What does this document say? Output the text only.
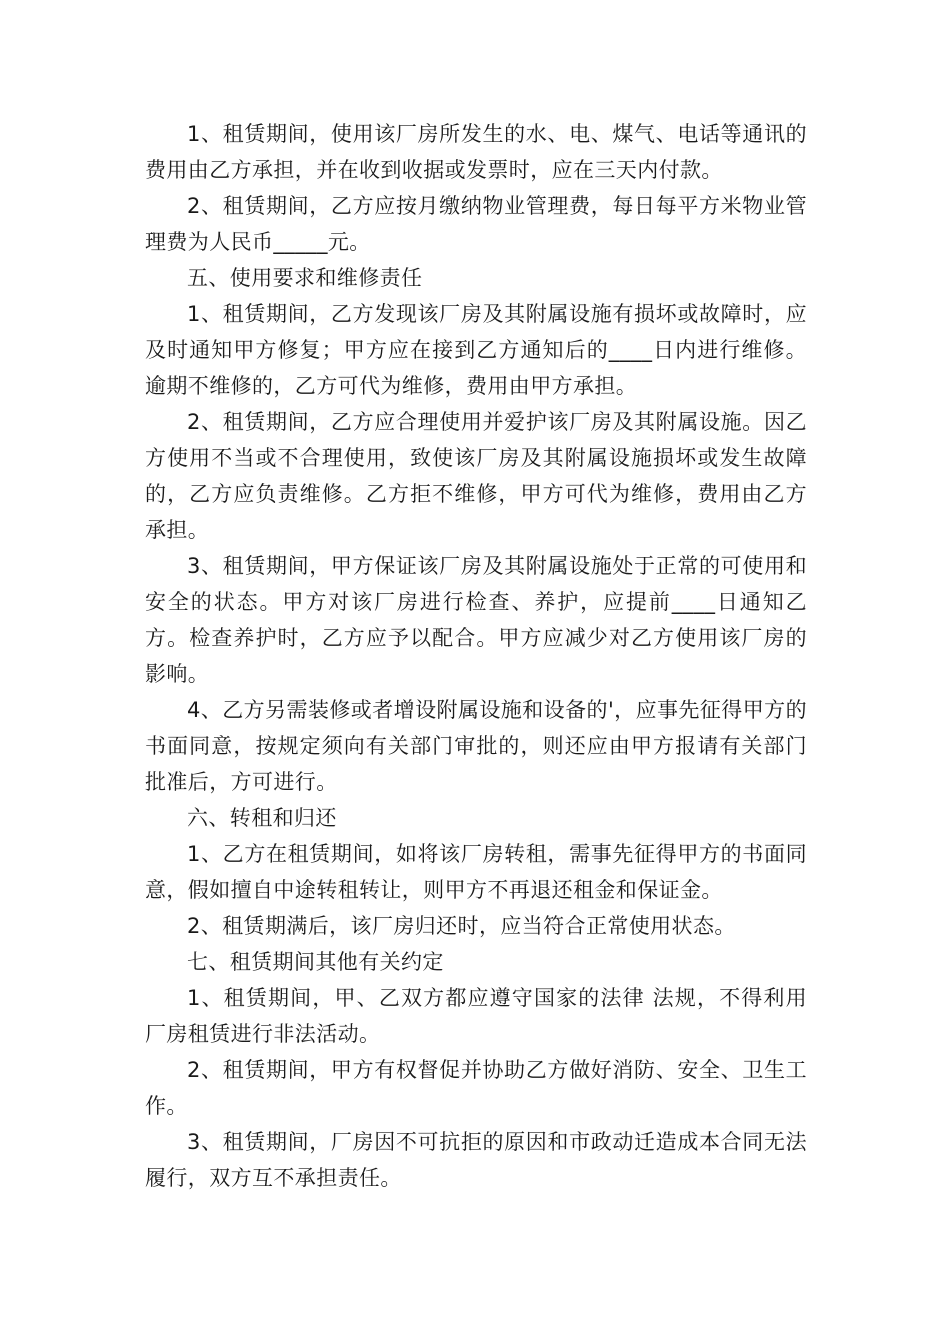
1、租赁期间，使用该厂房所发生的水、电、煤气、电话等通讯的费用由乙方承担，并在收到收据或发票时，应在三天内付款。

2、租赁期间，乙方应按月缴纳物业管理费，每日每平方米物业管理费为人民币_____元。

五、使用要求和维修责任

1、租赁期间，乙方发现该厂房及其附属设施有损坏或故障时，应及时通知甲方修复；甲方应在接到乙方通知后的____日内进行维修。逾期不维修的，乙方可代为维修，费用由甲方承担。

2、租赁期间，乙方应合理使用并爱护该厂房及其附属设施。因乙方使用不当或不合理使用，致使该厂房及其附属设施损坏或发生故障的，乙方应负责维修。乙方拒不维修，甲方可代为维修，费用由乙方承担。

3、租赁期间，甲方保证该厂房及其附属设施处于正常的可使用和安全的状态。甲方对该厂房进行检查、养护，应提前____日通知乙方。检查养护时，乙方应予以配合。甲方应减少对乙方使用该厂房的影响。

4、乙方另需装修或者增设附属设施和设备的'，应事先征得甲方的书面同意，按规定须向有关部门审批的，则还应由甲方报请有关部门批准后，方可进行。

六、转租和归还

1、乙方在租赁期间，如将该厂房转租，需事先征得甲方的书面同意，假如擅自中途转租转让，则甲方不再退还租金和保证金。

2、租赁期满后，该厂房归还时，应当符合正常使用状态。

七、租赁期间其他有关约定

1、租赁期间，甲、乙双方都应遵守国家的法律 法规，不得利用厂房租赁进行非法活动。

2、租赁期间，甲方有权督促并协助乙方做好消防、安全、卫生工作。

3、租赁期间，厂房因不可抗拒的原因和市政动迁造成本合同无法履行，双方互不承担责任。
